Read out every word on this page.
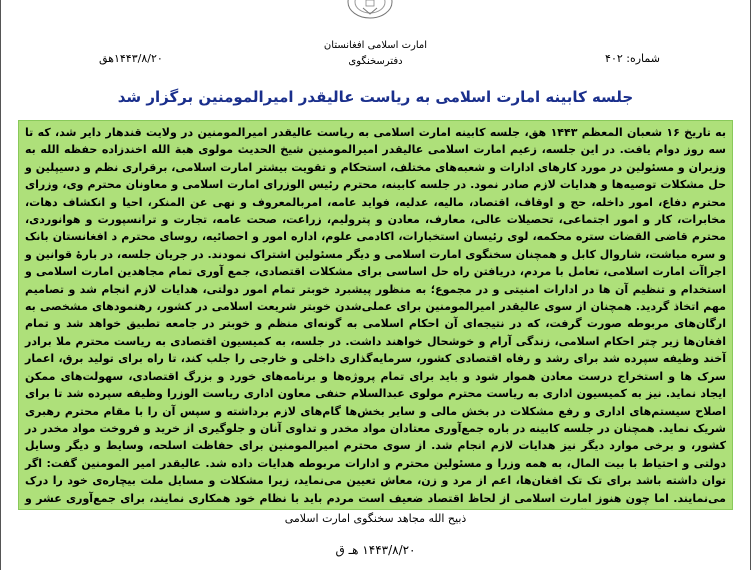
امارت اسلامی افغانستان
دفترسخنگوی
۱۴۴۳/۸/۲۰هق	شماره: ۴۰۲
جلسه کابینه امارت اسلامی به ریاست عالیقدر امیرالمومنین برگزار شد
به تاریخ ۱۶ شعبان المعظم ۱۴۴۳ هق، جلسه کابینه امارت اسلامی به ریاست عالیقدر امیرالمومنین در ولایت قندهار دایر شد، که تا سه روز دوام یافت. در این جلسه، زعیم امارت اسلامی عالیقدر امیرالمومنین شیخ الحدیث مولوی هبة الله اخندزاده حفظه الله به وزیران و مسئولین در مورد کارهای ادارات و شعبه‌های مختلف، استحکام و تقویت بیشتر امارت اسلامی، برقراری نظم و دسیپلین و حل مشکلات توصیه‌ها و هدایات لازم صادر نمود. در جلسه کابینه، محترم رئیس الوزرای امارت اسلامی و معاونان محترم وی، وزرای محترم دفاع، امور داخله، حج و اوقاف، اقتصاد، مالیه، عدلیه، فواید عامه، امربالمعروف و نهی عن المنکر، احیا و انکشاف دهات، مخابرات، کار و امور اجتماعی، تحصیلات عالی، معارف، معادن و پترولیم، زراعت، صحت عامه، تجارت و ترانسپورت و هوانوردی، محترم قاضی القضات ستره محکمه، لوی رئیسان استخبارات، اکادمی علوم، اداره امور و احصائیه، روسای محترم د افغانستان بانک و سره میاشت، شاروال کابل و همچنان سخنگوی امارت اسلامی و دیگر مسئولین اشتراک نمودند. در جریان جلسه، در بارهٔ قوانین و اجراآت امارت اسلامی، تعامل با مردم، دریافتن راه حل اساسی برای مشکلات اقتصادی، جمع آوری تمام مجاهدین امارت اسلامی و استخدام و تنظیم آن ها در ادارات امنیتی و در مجموع؛ به منظور پیشبرد خوبتر تمام امور دولتی، هدایات لازم انجام شد و تصامیم مهم اتخاذ گردید. همچنان از سوی عالیقدر امیرالمومنین برای عملی‌شدن خوبتر شریعت اسلامی در کشور، رهنمودهای مشخصی به ارگان‌های مربوطه صورت گرفت، که در نتیجه‌ای آن احکام اسلامی به گونه‌ای منظم و خوبتر در جامعه تطبیق خواهد شد و تمام افغان‌ها زیر چتر احکام اسلامی، زندگی آرام و خوشحال خواهند داشت. در جلسه، به کمیسیون اقتصادی به ریاست محترم ملا برادر آخند وظیفه سپرده شد برای رشد و رفاه اقتصادی کشور، سرمایه‌گذاری داخلی و خارجی را جلب کند، تا راه برای تولید برق، اعمار سرک ها و استخراج درست معادن هموار شود و باید برای تمام پروژه‌ها و برنامه‌های خورد و بزرگ اقتصادی، سهولت‌های ممکن ایجاد نماید. نیز به کمیسیون اداری به ریاست محترم مولوی عبدالسلام حنفی معاون اداری ریاست الوزرا وظیفه سپرده شد تا برای اصلاح سیستم‌های اداری و رفع مشکلات در بخش مالی و سایر بخش‌ها گام‌های لازم برداشته و سپس آن را با مقام محترم رهبری شریک نماید. همچنان در جلسه کابینه در باره جمع‌آوری معتادان مواد مخدر و تداوی آنان و جلوگیری از خرید و فروخت مواد مخدر در کشور، و برخی موارد دیگر نیز هدایات لازم انجام شد. از سوی محترم امیرالمومنین برای حفاظت اسلحه، وسایط و دیگر وسایل دولتی و احتیاط با بیت المال، به همه وزرا و مسئولین محترم و ادارات مربوطه هدایات داده شد. عالیقدر امیر المومنین گفت: اگر توان داشته باشد برای تک تک افغان‌ها، اعم از مرد و زن، معاش تعیین می‌نماید، زیرا مشکلات و مسایل ملت بیچاره‌ی خود را درک می‌نمایند. اما چون هنوز امارت اسلامی از لحاظ اقتصاد ضعیف است مردم باید با نظام خود همکاری نمایند، برای جمع‌آوری عشر و
ذبیح الله مجاهد سخنگوی امارت اسلامی
۱۴۴۳/۸/۲۰ هـ ق
